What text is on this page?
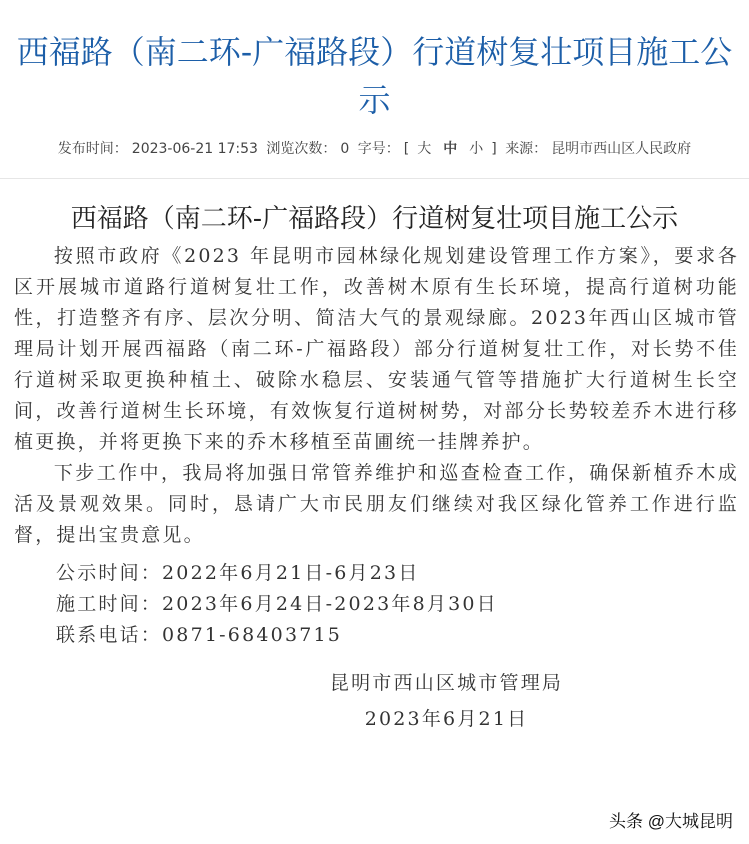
西福路（南二环-广福路段）行道树复壮项目施工公示
发布时间： 2023-06-21 17:53 浏览次数： 0 字号： [ 大 中 小 ] 来源： 昆明市西山区人民政府
西福路（南二环-广福路段）行道树复壮项目施工公示

按照市政府《2023 年昆明市园林绿化规划建设管理工作方案》，要求各区开展城市道路行道树复壮工作，改善树木原有生长环境，提高行道树功能性，打造整齐有序、层次分明、简洁大气的景观绿廊。2023年西山区城市管理局计划开展西福路（南二环-广福路段）部分行道树复壮工作，对长势不佳行道树采取更换种植土、破除水稳层、安装通气管等措施扩大行道树生长空间，改善行道树生长环境，有效恢复行道树树势，对部分长势较差乔木进行移植更换，并将更换下来的乔木移植至苗圃统一挂牌养护。

下步工作中，我局将加强日常管养维护和巡查检查工作，确保新植乔木成活及景观效果。同时，恳请广大市民朋友们继续对我区绿化管养工作进行监督，提出宝贵意见。

公示时间：2022年6月21日-6月23日
施工时间：2023年6月24日-2023年8月30日
联系电话：0871-68403715
昆明市西山区城市管理局
2023年6月21日
头条 @大城昆明
